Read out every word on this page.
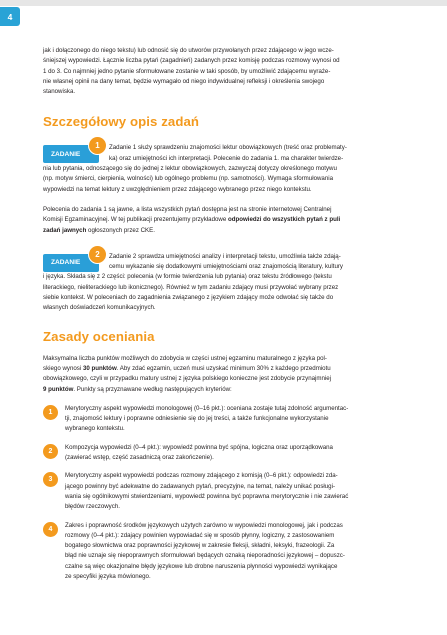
4

jak i dołączonego do niego tekstu) lub odnosić się do utworów przywołanych przez zdającego w jego wcze-

śniejszej wypowiedzi. Łącznie liczba pytań (zagadnień) zadanych przez komisję podczas rozmowy wynosi od

1 do 3. Co najmniej jedno pytanie sformułowane zostanie w taki sposób, by umożliwić zdającemu wyraże-

nie własnej opinii na dany temat, będzie wymagało od niego indywidualnej refleksji i określenia swojego

stanowiska.

Szczegółowy opis zadań
ZADANIE
1	Zadanie 1 służy sprawdzeniu znajomości lektur obowiązkowych (treść oraz problematy-

ka) oraz umiejętności ich interpretacji. Polecenie do zadania 1. ma charakter twierdze-

nia lub pytania, odnoszącego się do jednej z lektur obowiązkowych, zazwyczaj dotyczy określonego motywu

(np. motyw śmierci, cierpienia, wolności) lub ogólnego problemu (np. samotności). Wymaga sformułowania

wypowiedzi na temat lektury z uwzględnieniem przez zdającego wybranego przez niego kontekstu.

Polecenia do zadania 1 są jawne, a lista wszystkich pytań dostępna jest na stronie internetowej Centralnej

Komisji Egzaminacyjnej. W tej publikacji prezentujemy przykładowe odpowiedzi do wszystkich pytań z puli

zadań jawnych ogłoszonych przez CKE.

ZADANIE
2	Zadanie 2 sprawdza umiejętności analizy i interpretacji tekstu, umożliwia także zdają-

cemu wykazanie się dodatkowymi umiejętnościami oraz znajomością literatury, kultury

i języka. Składa się z 2 części: polecenia (w formie twierdzenia lub pytania) oraz tekstu źródłowego (tekstu

literackiego, nieliterackiego lub ikonicznego). Również w tym zadaniu zdający musi przywołać wybrany przez

siebie kontekst. W poleceniach do zagadnienia związanego z językiem zdający może odwołać się także do

własnych doświadczeń komunikacyjnych.

Zasady oceniania

Maksymalna liczba punktów możliwych do zdobycia w części ustnej egzaminu maturalnego z języka pol-

skiego wynosi 30 punktów. Aby zdać egzamin, uczeń musi uzyskać minimum 30% z każdego przedmiotu

obowiązkowego, czyli w przypadku matury ustnej z języka polskiego konieczne jest zdobycie przynajmniej

9 punktów. Punkty są przyznawane według następujących kryteriów:

1

Merytoryczny aspekt wypowiedzi monologowej (0–16 pkt.): oceniana zostaje tutaj zdolność argumentac-

tji, znajomość lektury i poprawne odniesienie się do jej treści, a także funkcjonalne wykorzystanie

wybranego kontekstu.

2

Kompozycja wypowiedzi (0–4 pkt.): wypowiedź powinna być spójna, logiczna oraz uporządkowana

(zawierać wstęp, część zasadniczą oraz zakończenie).

3

Merytoryczny aspekt wypowiedzi podczas rozmowy zdającego z komisją (0–6 pkt.): odpowiedzi zda-

jącego powinny być adekwatne do zadawanych pytań, precyzyjne, na temat, należy unikać posługi-

wania się ogólnikowymi stwierdzeniami, wypowiedź powinna być poprawna merytorycznie i nie zawierać

błędów rzeczowych.

4

Zakres i poprawność środków językowych użytych zarówno w wypowiedzi monologowej, jak i podczas

rozmowy (0–4 pkt.): zdający powinien wypowiadać się w sposób płynny, logiczny, z zastosowaniem

bogatego słownictwa oraz poprawności językowej w zakresie fleksji, składni, leksyki, frazeologii. Za

błąd nie uznaje się niepoprawnych sformułowań będących oznaką nieporadności językowej – dopuszc-

czalne są więc okazjonalne błędy językowe lub drobne naruszenia płynności wypowiedzi wynikające

ze specyfiki języka mówionego.
